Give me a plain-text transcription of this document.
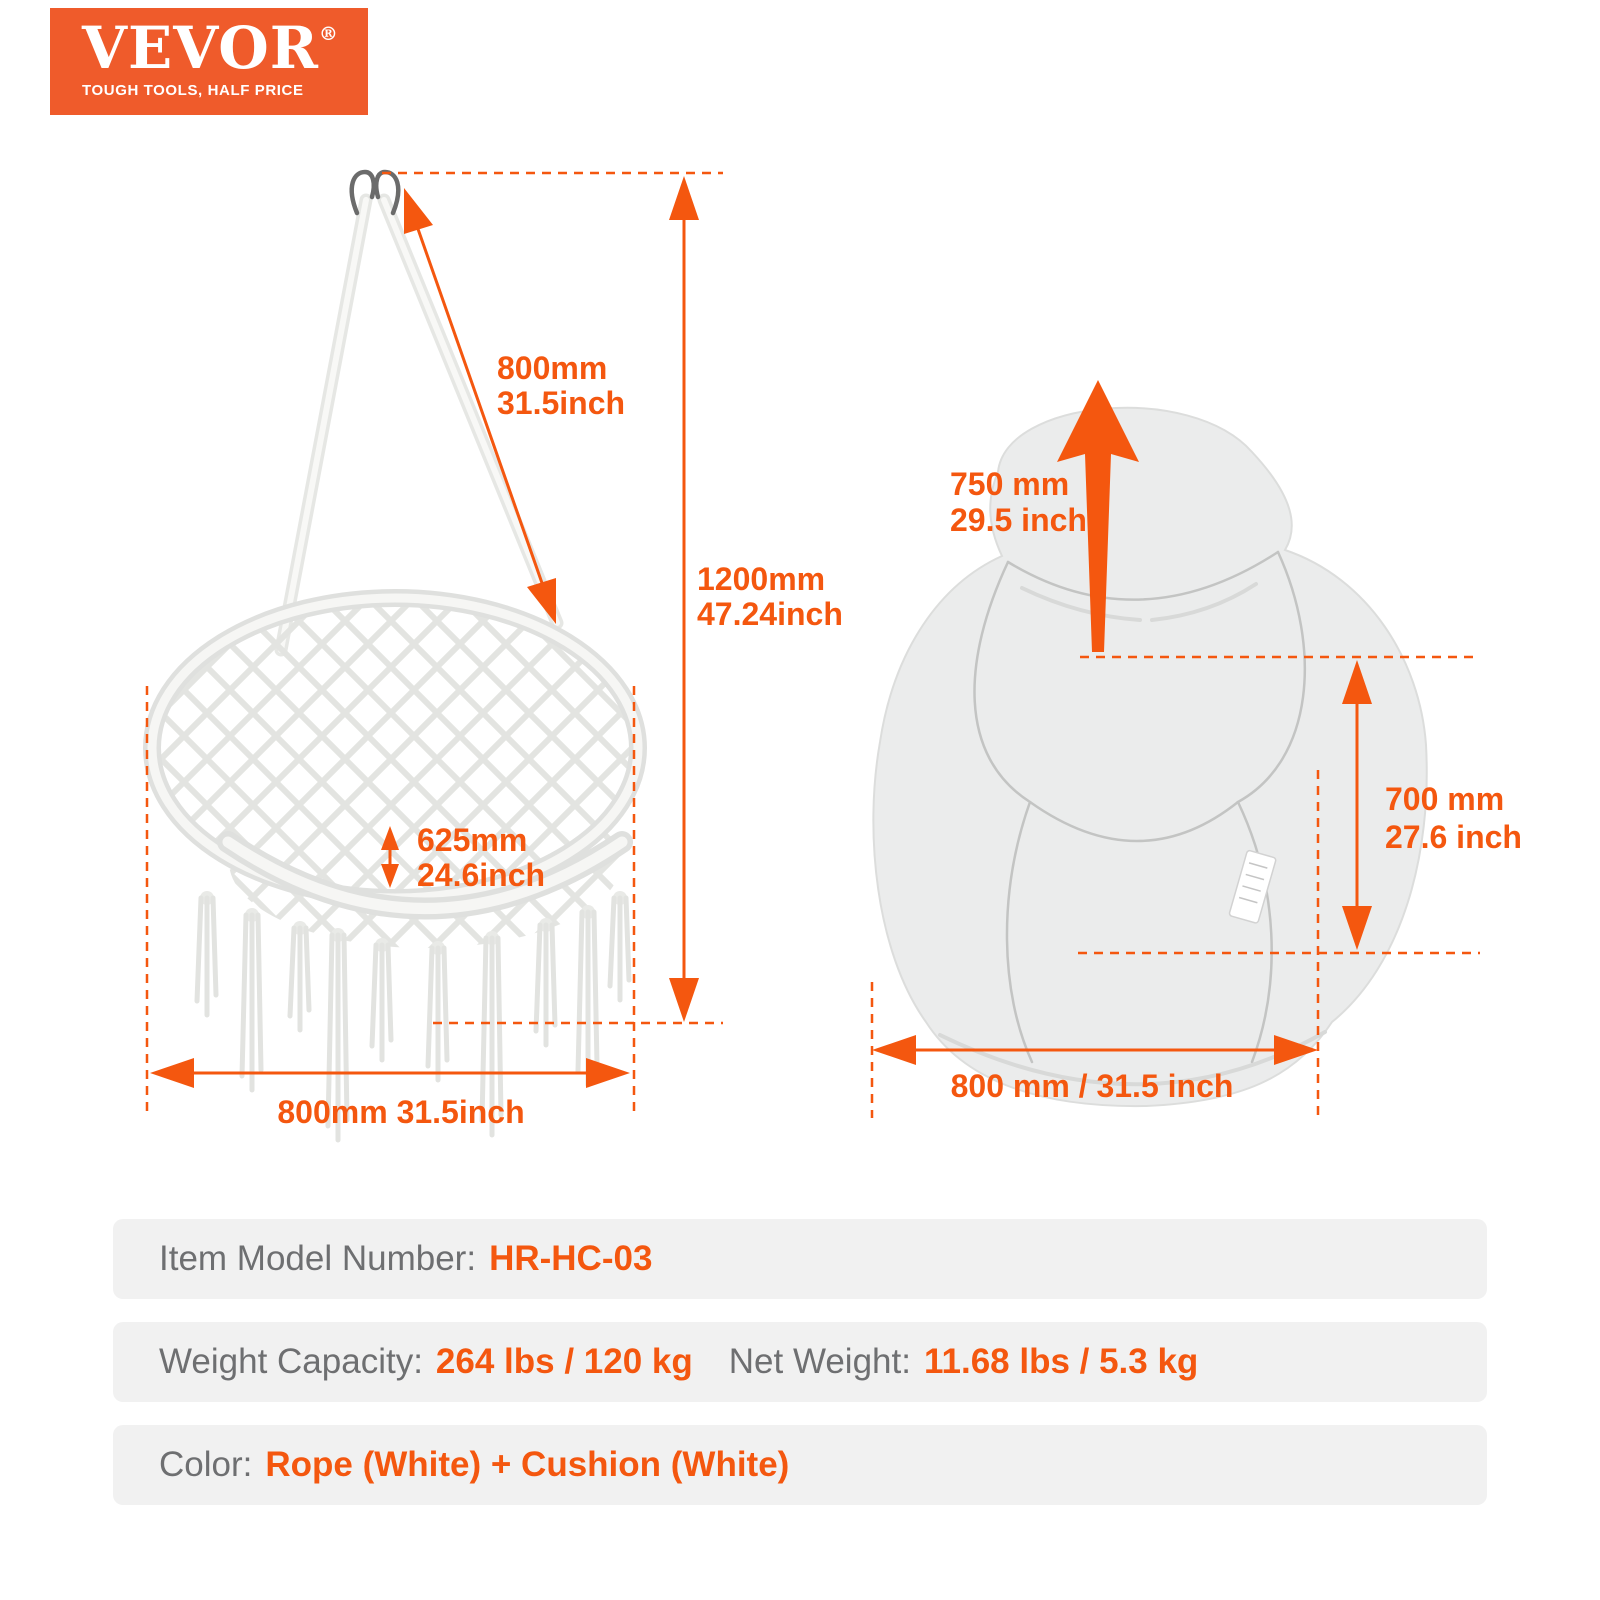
VEVOR®
TOUGH TOOLS, HALF PRICE
800mm
31.5inch
1200mm
47.24inch
625mm
24.6inch
800mm 31.5inch
750 mm
29.5 inch
700 mm
27.6 inch
800 mm / 31.5 inch
Item Model Number: HR-HC-03
Weight Capacity: 264 lbs / 120 kg Net Weight: 11.68 lbs / 5.3 kg
Color: Rope (White) + Cushion (White)
